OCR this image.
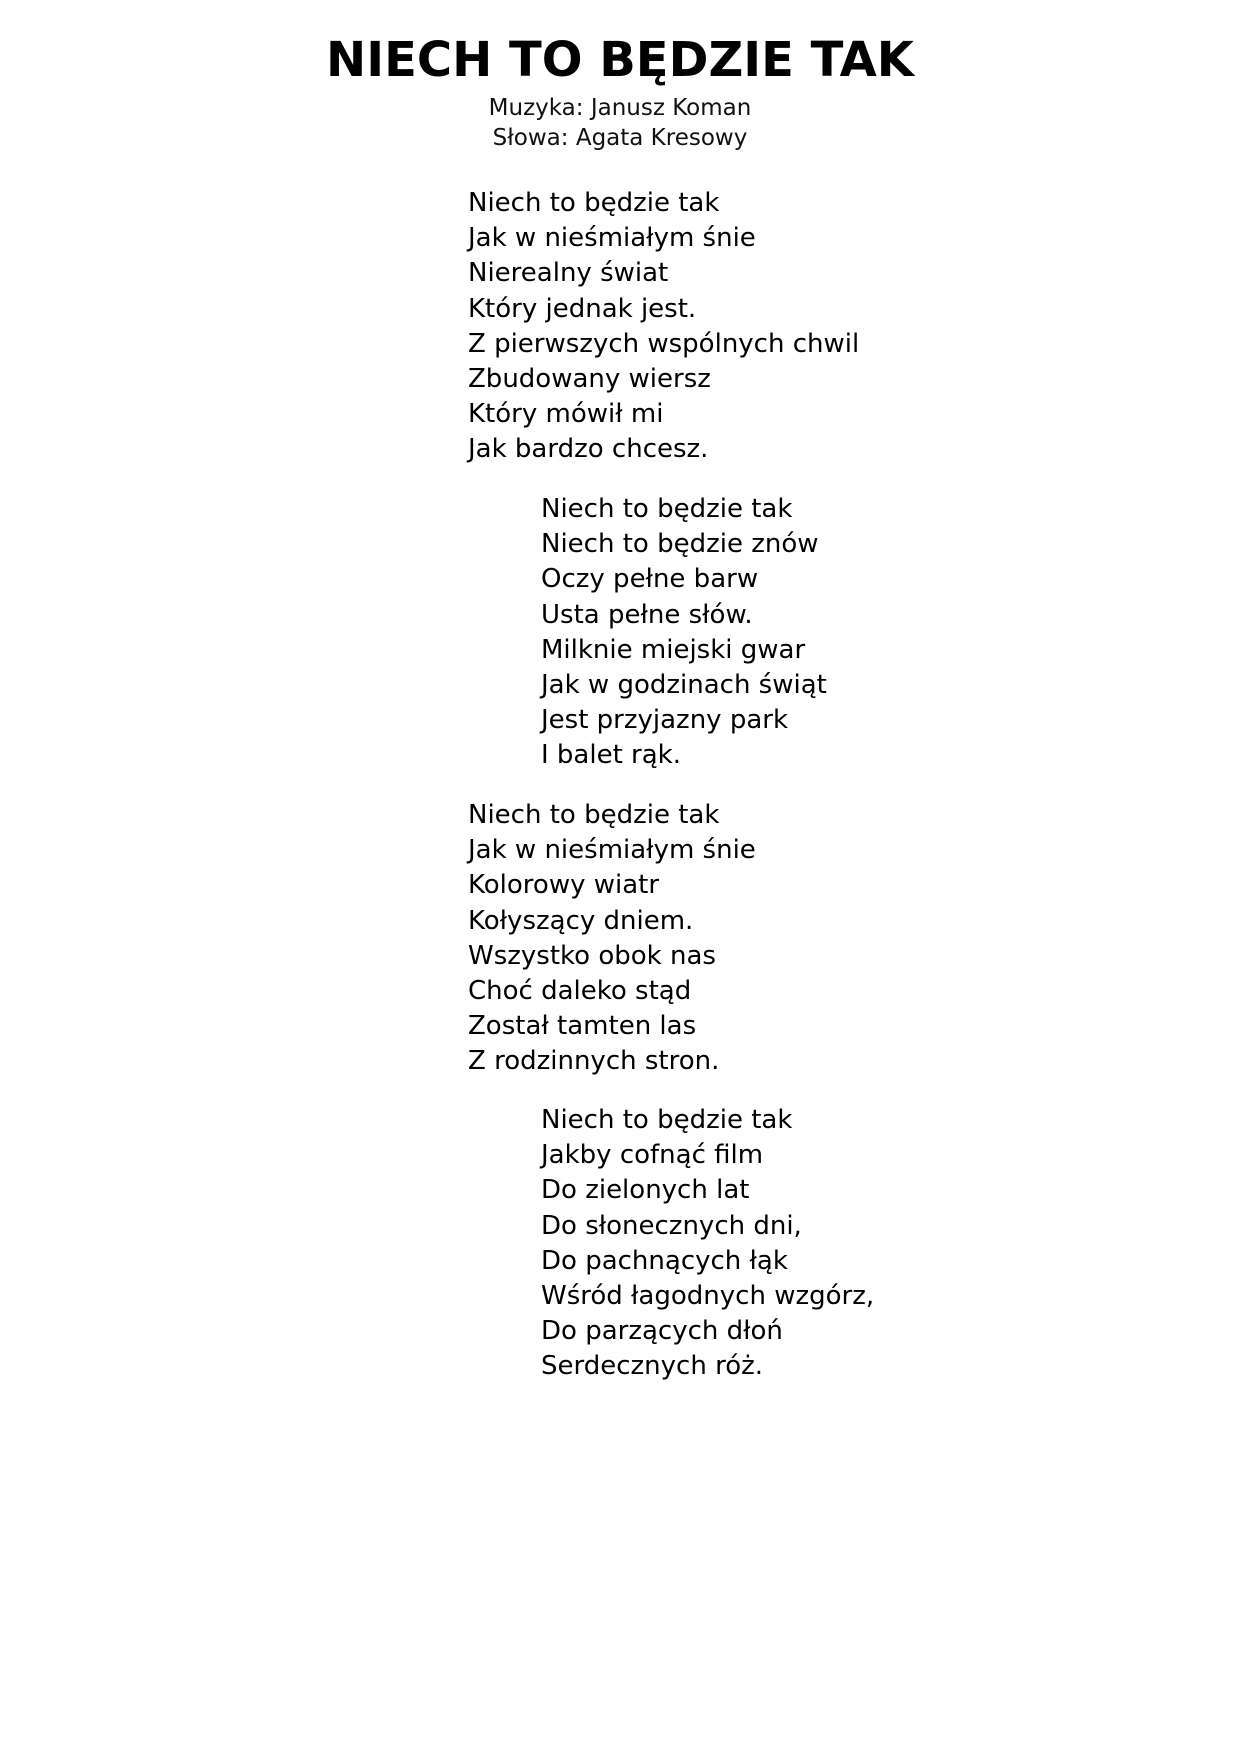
NIECH TO BĘDZIE TAK
Muzyka: Janusz Koman
Słowa: Agata Kresowy
Niech to będzie tak
Jak w nieśmiałym śnie
Nierealny świat
Który jednak jest.
Z pierwszych wspólnych chwil
Zbudowany wiersz
Który mówił mi
Jak bardzo chcesz.
Niech to będzie tak
Niech to będzie znów
Oczy pełne barw
Usta pełne słów.
Milknie miejski gwar
Jak w godzinach świąt
Jest przyjazny park
I balet rąk.
Niech to będzie tak
Jak w nieśmiałym śnie
Kolorowy wiatr
Kołyszący dniem.
Wszystko obok nas
Choć daleko stąd
Został tamten las
Z rodzinnych stron.
Niech to będzie tak
Jakby cofnąć film
Do zielonych lat
Do słonecznych dni,
Do pachnących łąk
Wśród łagodnych wzgórz,
Do parzących dłoń
Serdecznych róż.
